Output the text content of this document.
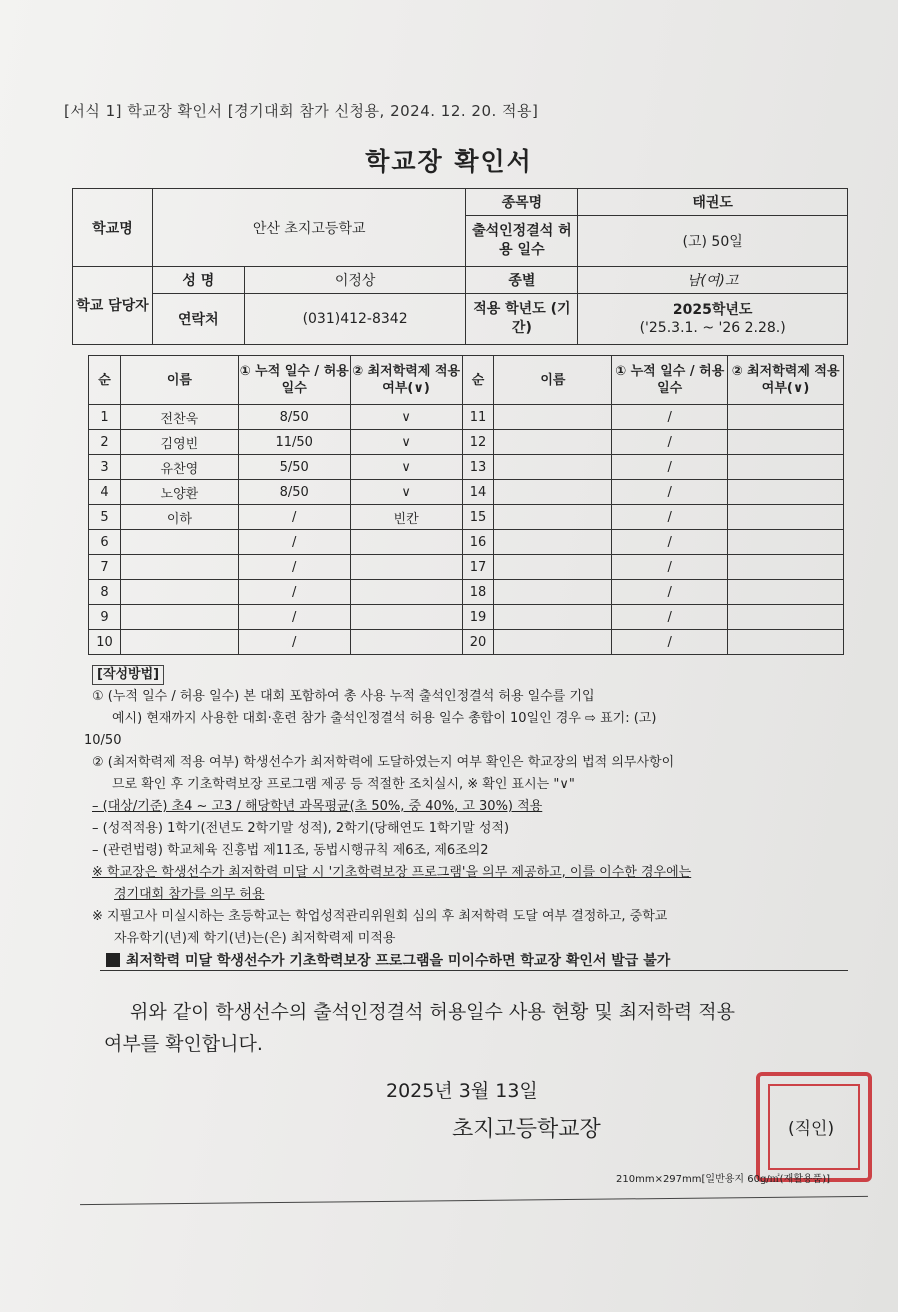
[서식 1] 학교장 확인서 [경기대회 참가 신청용, 2024. 12. 20. 적용]
학교장 확인서
학교명	안산 초지고등학교		종목명	태권도
			출석인정결석 허용 일수	(고) 50일
학교 담당자	성 명	이정상	종별	남(여)고
	연락처	(031)412-8342	적용 학년도 (기간)	2025학년도
('25.3.1. ~ '26 2.28.)
순	이름	① 누적 일수 / 허용 일수	② 최저학력제 적용 여부(∨)	순	이름	① 누적 일수 / 허용 일수	② 최저학력제 적용 여부(∨)
1	전찬욱	8/50	∨	11		/	
2	김영빈	11/50	∨	12		/	
3	유찬영	5/50	∨	13		/	
4	노양환	8/50	∨	14		/	
5	이하	/	빈칸	15		/	
6		/		16		/	
7		/		17		/	
8		/		18		/	
9		/		19		/	
10		/		20		/	
[작성방법]
① (누적 일수 / 허용 일수) 본 대회 포함하여 총 사용 누적 출석인정결석 허용 일수를 기입
예시) 현재까지 사용한 대회·훈련 참가 출석인정결석 허용 일수 총합이 10일인 경우 ⇨ 표기: (고)
10/50
② (최저학력제 적용 여부) 학생선수가 최저학력에 도달하였는지 여부 확인은 학교장의 법적 의무사항이
므로 확인 후 기초학력보장 프로그램 제공 등 적절한 조치실시, ※ 확인 표시는 "∨"
– (대상/기준) 초4 ~ 고3 / 해당학년 과목평균(초 50%, 중 40%, 고 30%) 적용
– (성적적용) 1학기(전년도 2학기말 성적), 2학기(당해연도 1학기말 성적)
– (관련법령) 학교체육 진흥법 제11조, 동법시행규칙 제6조, 제6조의2
※ 학교장은 학생선수가 최저학력 미달 시 '기초학력보장 프로그램'을 의무 제공하고, 이를 이수한 경우에는
경기대회 참가를 의무 허용
※ 지필고사 미실시하는 초등학교는 학업성적관리위원회 심의 후 최저학력 도달 여부 결정하고, 중학교
자유학기(년)제 학기(년)는(은) 최저학력제 미적용
최저학력 미달 학생선수가 기초학력보장 프로그램을 미이수하면 학교장 확인서 발급 불가
위와 같이 학생선수의 출석인정결석 허용일수 사용 현황 및 최저학력 적용
여부를 확인합니다.
2025년 3월 13일
초지고등학교장	(직인)
210mm×297mm[일반용지 60g/㎡(재활용품)]
